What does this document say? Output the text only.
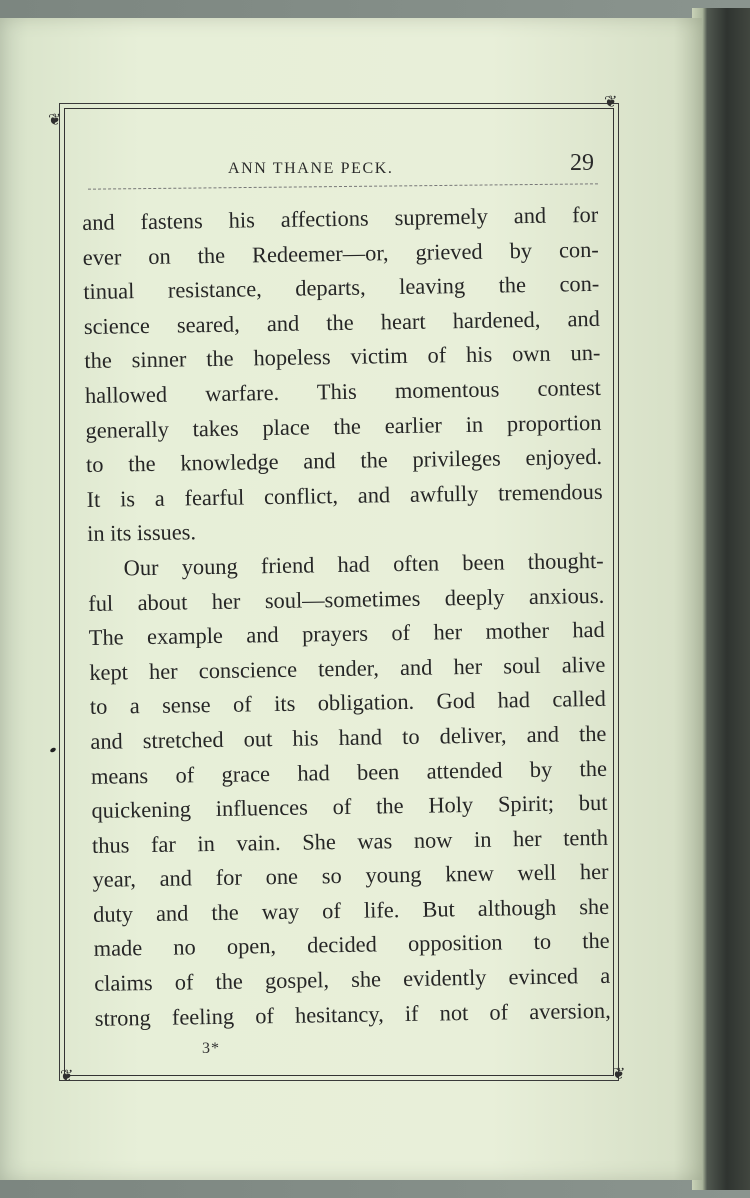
❦
❦
❦	❦
ANN THANE PECK.	29
and fastens his affections supremely and for
ever on the Redeemer—or, grieved by con-
tinual resistance, departs, leaving the con-
science seared, and the heart hardened, and
the sinner the hopeless victim of his own un-
hallowed warfare. This momentous contest
generally takes place the earlier in proportion
to the knowledge and the privileges enjoyed.
It is a fearful conflict, and awfully tremendous
in its issues.
Our young friend had often been thought-
ful about her soul—sometimes deeply anxious.
The example and prayers of her mother had
kept her conscience tender, and her soul alive
to a sense of its obligation. God had called
and stretched out his hand to deliver, and the
means of grace had been attended by the
quickening influences of the Holy Spirit; but
thus far in vain. She was now in her tenth
year, and for one so young knew well her
duty and the way of life. But although she
made no open, decided opposition to the
claims of the gospel, she evidently evinced a
strong feeling of hesitancy, if not of aversion,
3*
